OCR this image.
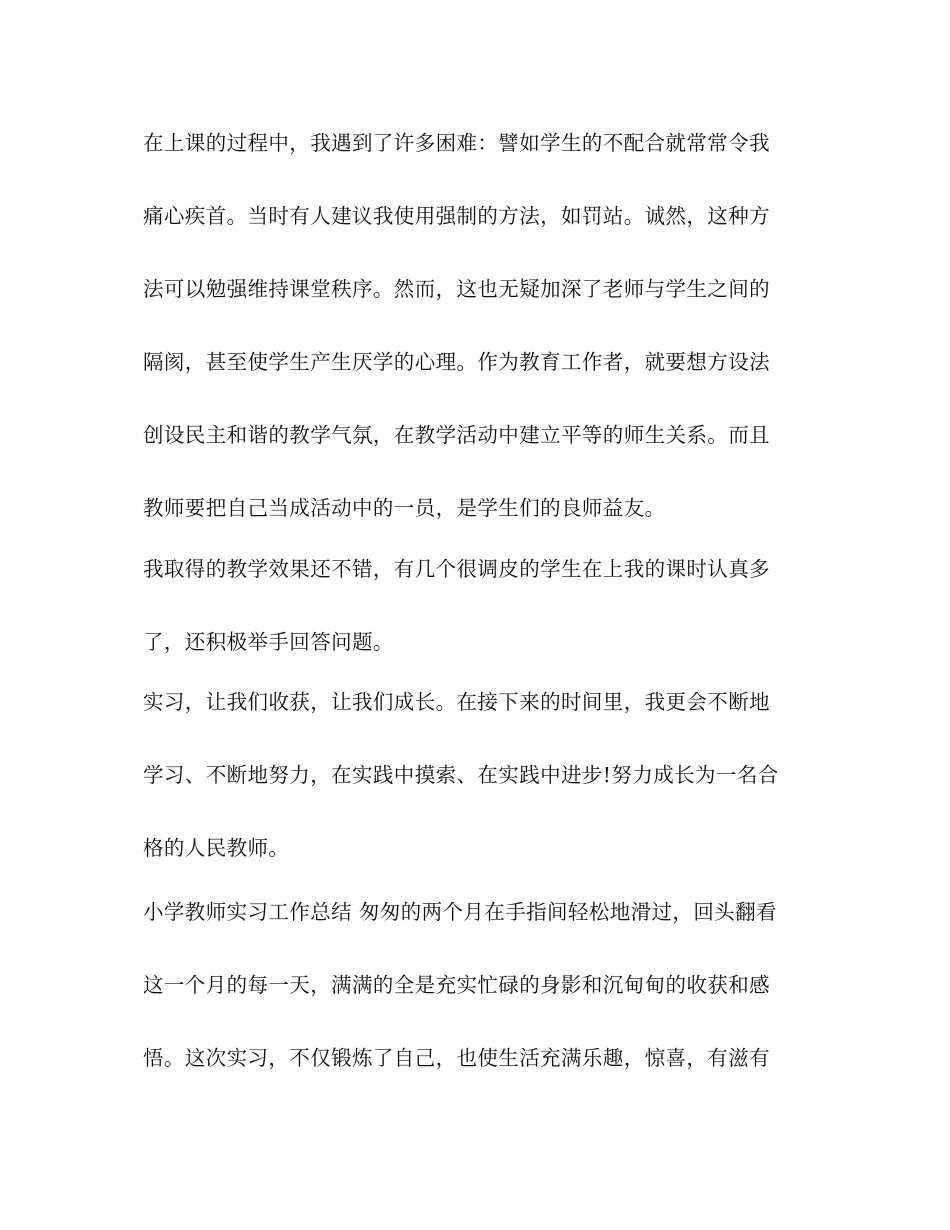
在上课的过程中，我遇到了许多困难：譬如学生的不配合就常常令我
痛心疾首。当时有人建议我使用强制的方法，如罚站。诚然，这种方
法可以勉强维持课堂秩序。然而，这也无疑加深了老师与学生之间的
隔阂，甚至使学生产生厌学的心理。作为教育工作者，就要想方设法
创设民主和谐的教学气氛，在教学活动中建立平等的师生关系。而且
教师要把自己当成活动中的一员，是学生们的良师益友。
我取得的教学效果还不错，有几个很调皮的学生在上我的课时认真多
了，还积极举手回答问题。
实习，让我们收获，让我们成长。在接下来的时间里，我更会不断地
学习、不断地努力，在实践中摸索、在实践中进步!努力成长为一名合
格的人民教师。
小学教师实习工作总结 匆匆的两个月在手指间轻松地滑过，回头翻看
这一个月的每一天，满满的全是充实忙碌的身影和沉甸甸的收获和感
悟。这次实习，不仅锻炼了自己，也使生活充满乐趣，惊喜，有滋有
